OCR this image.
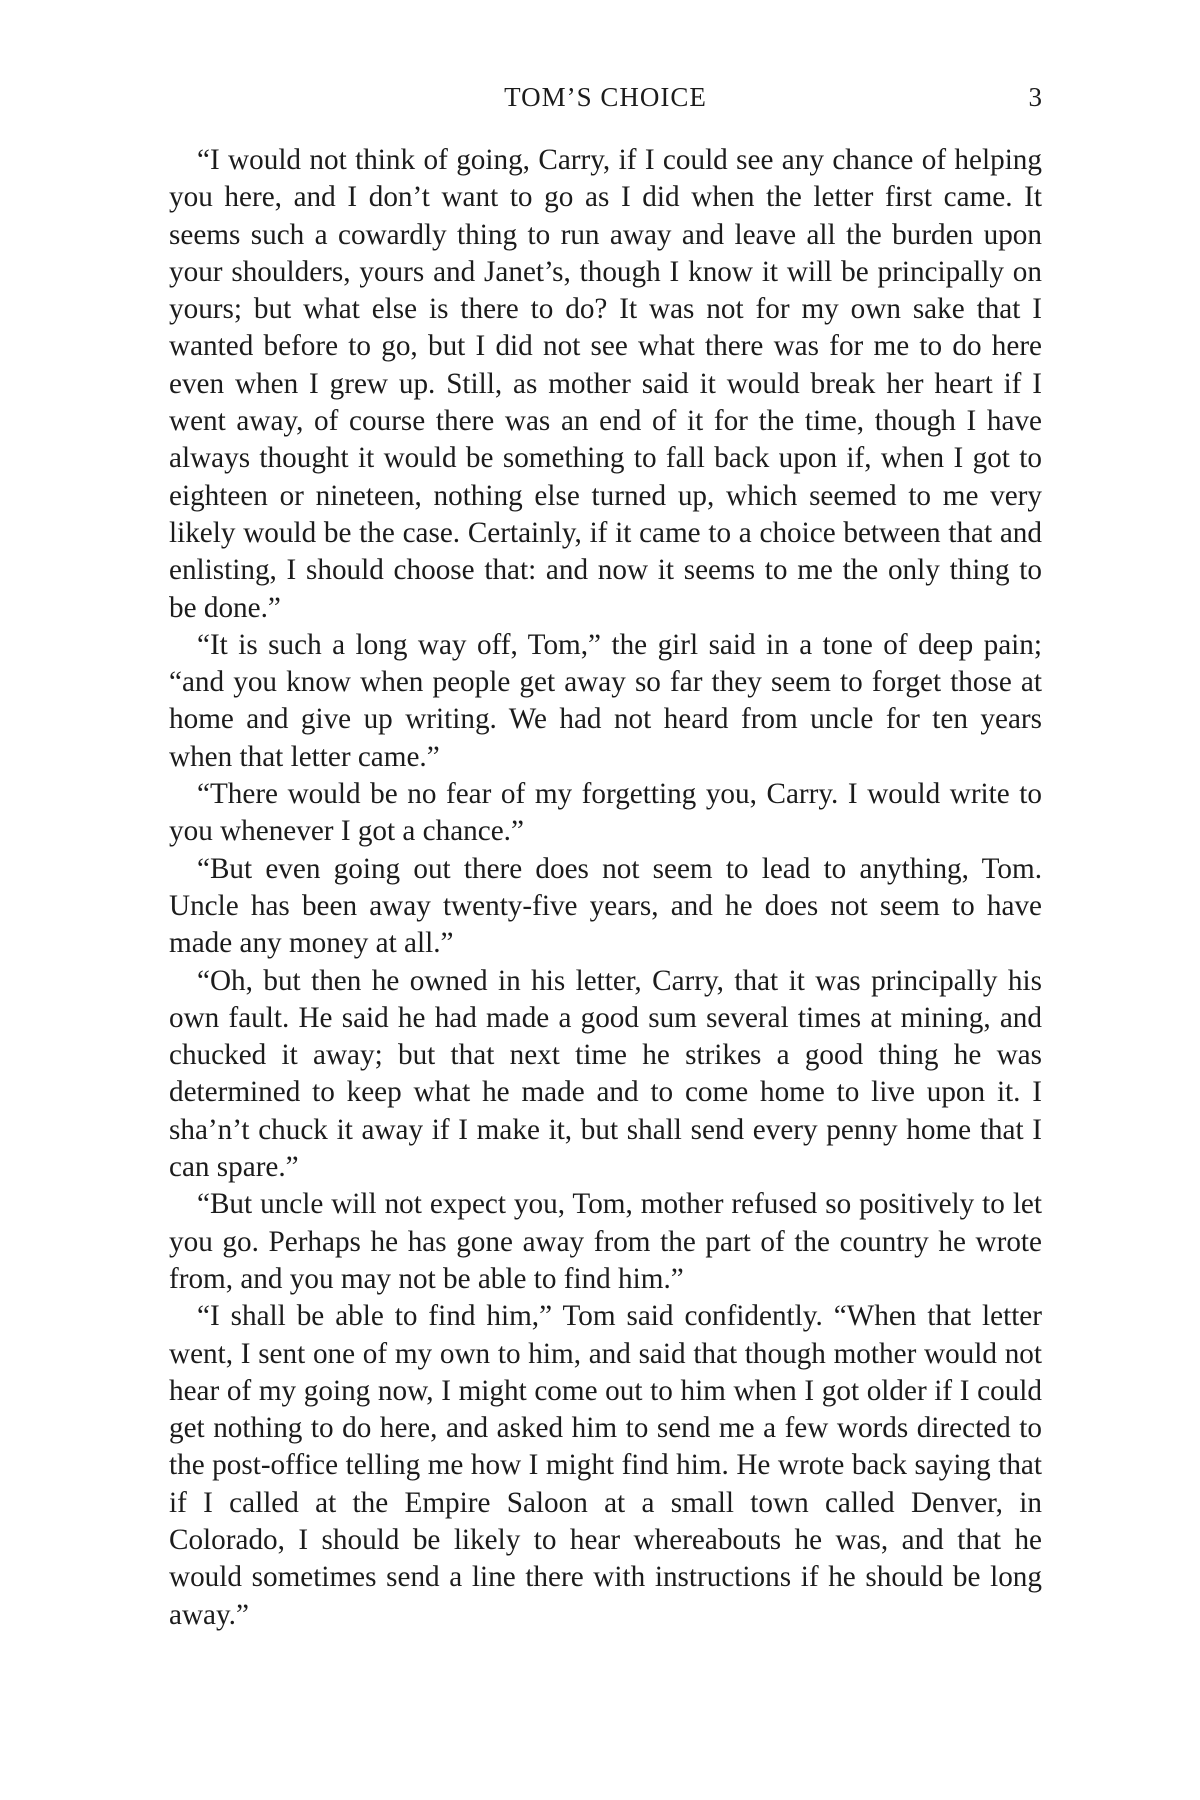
TOM’S CHOICE	3

“I would not think of going, Carry, if I could see any chance of helping you here, and I don’t want to go as I did when the letter first came. It seems such a cowardly thing to run away and leave all the burden upon your shoulders, yours and Janet’s, though I know it will be principally on yours; but what else is there to do? It was not for my own sake that I wanted before to go, but I did not see what there was for me to do here even when I grew up. Still, as mother said it would break her heart if I went away, of course there was an end of it for the time, though I have always thought it would be something to fall back upon if, when I got to eighteen or nineteen, nothing else turned up, which seemed to me very likely would be the case. Certainly, if it came to a choice between that and enlisting, I should choose that: and now it seems to me the only thing to be done.”

“It is such a long way off, Tom,” the girl said in a tone of deep pain; “and you know when people get away so far they seem to forget those at home and give up writing. We had not heard from uncle for ten years when that letter came.”

“There would be no fear of my forgetting you, Carry. I would write to you whenever I got a chance.”

“But even going out there does not seem to lead to anything, Tom. Uncle has been away twenty-five years, and he does not seem to have made any money at all.”

“Oh, but then he owned in his letter, Carry, that it was principally his own fault. He said he had made a good sum several times at mining, and chucked it away; but that next time he strikes a good thing he was determined to keep what he made and to come home to live upon it. I sha’n’t chuck it away if I make it, but shall send every penny home that I can spare.”

“But uncle will not expect you, Tom, mother refused so positively to let you go. Perhaps he has gone away from the part of the country he wrote from, and you may not be able to find him.”

“I shall be able to find him,” Tom said confidently. “When that letter went, I sent one of my own to him, and said that though mother would not hear of my going now, I might come out to him when I got older if I could get nothing to do here, and asked him to send me a few words directed to the post-office telling me how I might find him. He wrote back saying that if I called at the Empire Saloon at a small town called Denver, in Colorado, I should be likely to hear whereabouts he was, and that he would sometimes send a line there with instructions if he should be long away.”
